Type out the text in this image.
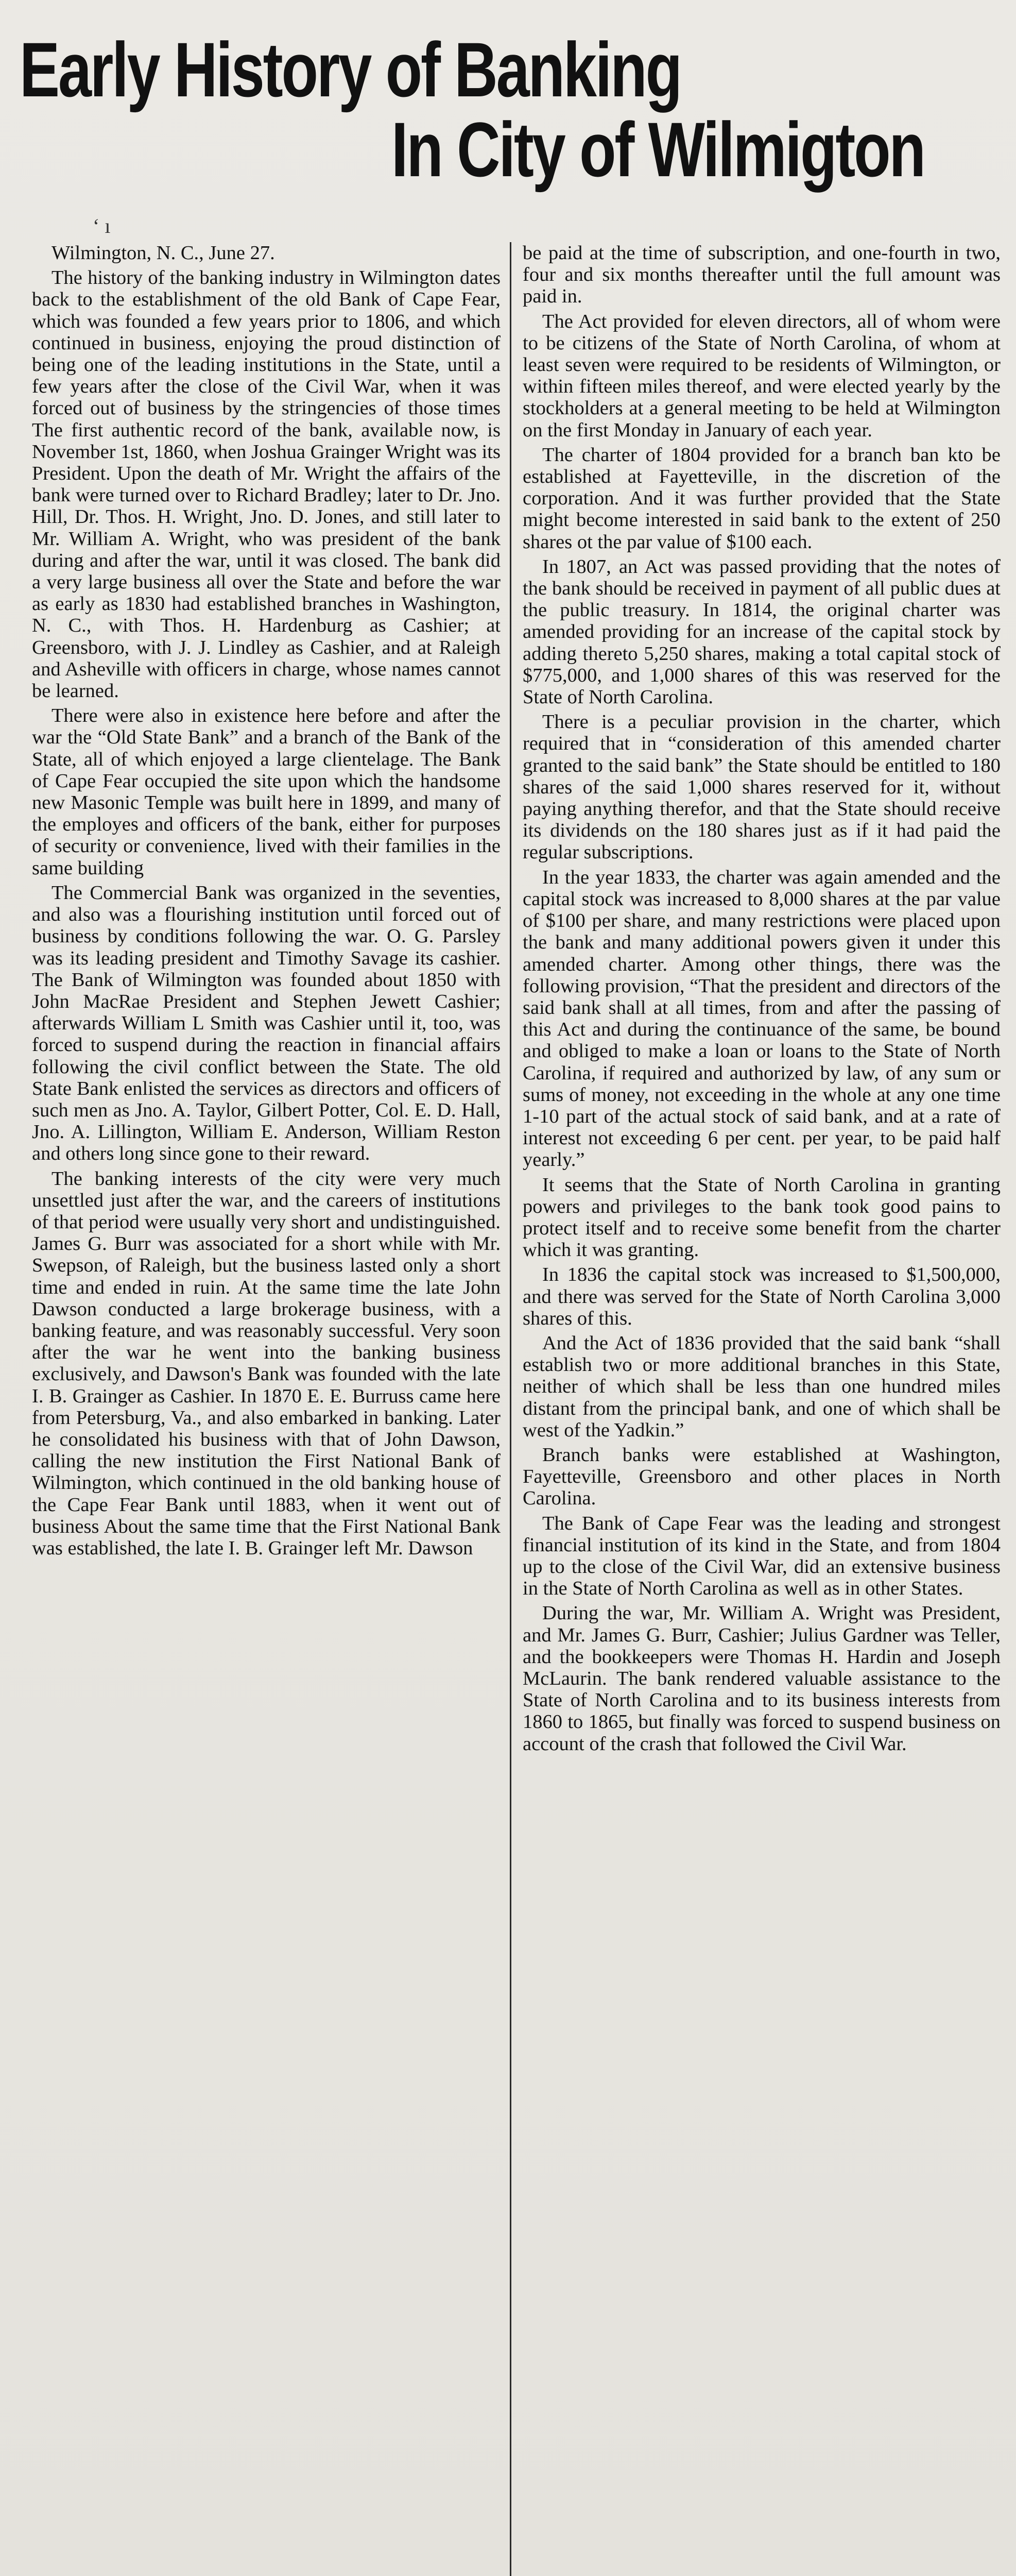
Early History of Banking
In City of Wilmigton
‘ ı

Wilmington, N. C., June 27.

The history of the banking industry in Wilmington dates back to the establishment of the old Bank of Cape Fear, which was founded a few years prior to 1806, and which continued in business, enjoying the proud distinction of being one of the leading institutions in the State, until a few years after the close of the Civil War, when it was forced out of business by the stringencies of those times The first authentic record of the bank, available now, is November 1st, 1860, when Joshua Grainger Wright was its President. Upon the death of Mr. Wright the affairs of the bank were turned over to Richard Bradley; later to Dr. Jno. Hill, Dr. Thos. H. Wright, Jno. D. Jones, and still later to Mr. William A. Wright, who was president of the bank during and after the war, until it was closed. The bank did a very large business all over the State and before the war as early as 1830 had established branches in Washington, N. C., with Thos. H. Hardenburg as Cashier; at Greensboro, with J. J. Lindley as Cashier, and at Raleigh and Asheville with officers in charge, whose names cannot be learned.

There were also in existence here before and after the war the “Old State Bank” and a branch of the Bank of the State, all of which enjoyed a large clientelage. The Bank of Cape Fear occupied the site upon which the handsome new Masonic Temple was built here in 1899, and many of the employes and officers of the bank, either for purposes of security or convenience, lived with their families in the same building

The Commercial Bank was organized in the seventies, and also was a flourishing institution until forced out of business by conditions following the war. O. G. Parsley was its leading president and Timothy Savage its cashier. The Bank of Wilmington was founded about 1850 with John MacRae President and Stephen Jewett Cashier; afterwards William L Smith was Cashier until it, too, was forced to suspend during the reaction in financial affairs following the civil conflict between the State. The old State Bank enlisted the services as directors and officers of such men as Jno. A. Taylor, Gilbert Potter, Col. E. D. Hall, Jno. A. Lillington, William E. Anderson, William Reston and others long since gone to their reward.

The banking interests of the city were very much unsettled just after the war, and the careers of institutions of that period were usually very short and undistinguished. James G. Burr was associated for a short while with Mr. Swepson, of Raleigh, but the business lasted only a short time and ended in ruin. At the same time the late John Dawson conducted a large brokerage business, with a banking feature, and was reasonably successful. Very soon after the war he went into the banking business exclusively, and Dawson's Bank was founded with the late I. B. Grainger as Cashier. In 1870 E. E. Burruss came here from Petersburg, Va., and also embarked in banking. Later he consolidated his business with that of John Dawson, calling the new institution the First National Bank of Wilmington, which continued in the old banking house of the Cape Fear Bank until 1883, when it went out of business About the same time that the First National Bank was established, the late I. B. Grainger left Mr. Dawson

be paid at the time of subscription, and one-fourth in two, four and six months thereafter until the full amount was paid in.

The Act provided for eleven directors, all of whom were to be citizens of the State of North Carolina, of whom at least seven were required to be residents of Wilmington, or within fifteen miles thereof, and were elected yearly by the stockholders at a general meeting to be held at Wilmington on the first Monday in January of each year.

The charter of 1804 provided for a branch ban kto be established at Fayetteville, in the discretion of the corporation. And it was further provided that the State might become interested in said bank to the extent of 250 shares ot the par value of $100 each.

In 1807, an Act was passed providing that the notes of the bank should be received in payment of all public dues at the public treasury. In 1814, the original charter was amended providing for an increase of the capital stock by adding thereto 5,250 shares, making a total capital stock of $775,000, and 1,000 shares of this was reserved for the State of North Carolina.

There is a peculiar provision in the charter, which required that in “consideration of this amended charter granted to the said bank” the State should be entitled to 180 shares of the said 1,000 shares reserved for it, without paying anything therefor, and that the State should receive its dividends on the 180 shares just as if it had paid the regular subscriptions.

In the year 1833, the charter was again amended and the capital stock was increased to 8,000 shares at the par value of $100 per share, and many restrictions were placed upon the bank and many additional powers given it under this amended charter. Among other things, there was the following provision, “That the president and directors of the said bank shall at all times, from and after the passing of this Act and during the continuance of the same, be bound and obliged to make a loan or loans to the State of North Carolina, if required and authorized by law, of any sum or sums of money, not exceeding in the whole at any one time 1-10 part of the actual stock of said bank, and at a rate of interest not exceeding 6 per cent. per year, to be paid half yearly.”

It seems that the State of North Carolina in granting powers and privileges to the bank took good pains to protect itself and to receive some benefit from the charter which it was granting.

In 1836 the capital stock was increased to $1,500,000, and there was served for the State of North Carolina 3,000 shares of this.

And the Act of 1836 provided that the said bank “shall establish two or more additional branches in this State, neither of which shall be less than one hundred miles distant from the principal bank, and one of which shall be west of the Yadkin.”

Branch banks were established at Washington, Fayetteville, Greensboro and other places in North Carolina.

The Bank of Cape Fear was the leading and strongest financial institution of its kind in the State, and from 1804 up to the close of the Civil War, did an extensive business in the State of North Carolina as well as in other States.

During the war, Mr. William A. Wright was President, and Mr. James G. Burr, Cashier; Julius Gardner was Teller, and the bookkeepers were Thomas H. Hardin and Joseph McLaurin. The bank rendered valuable assistance to the State of North Carolina and to its business interests from 1860 to 1865, but finally was forced to suspend business on account of the crash that followed the Civil War.
